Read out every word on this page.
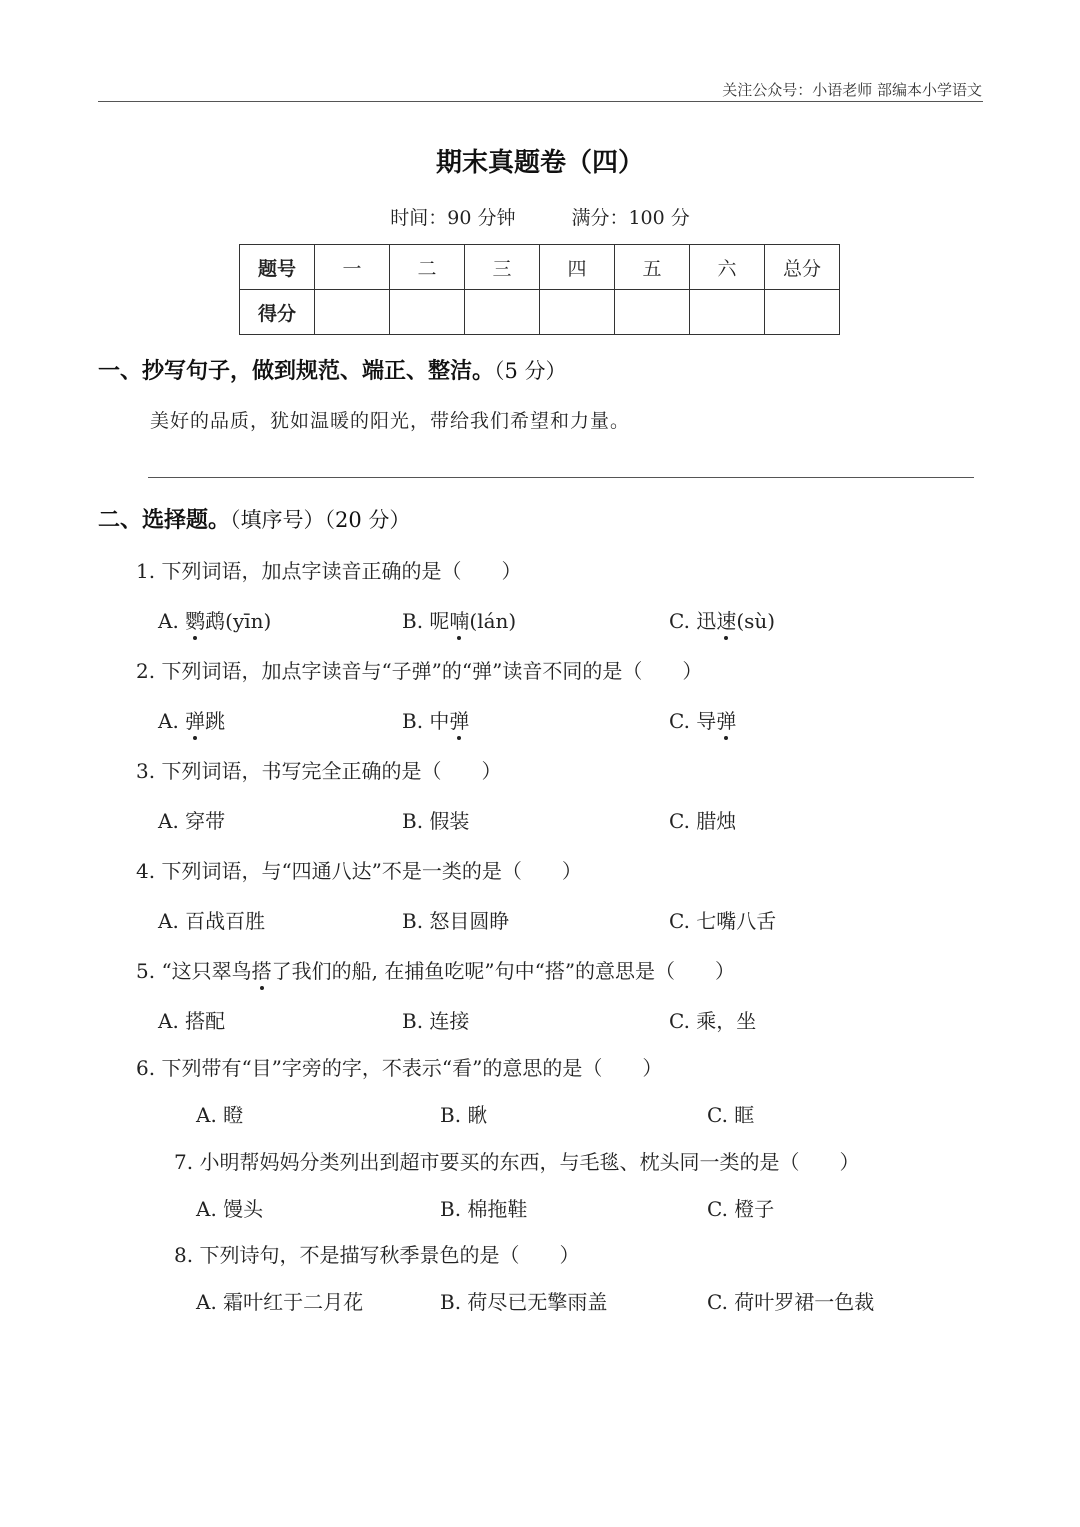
关注公众号：小语老师 部编本小学语文
期末真题卷（四）
时间：90 分钟	满分：100 分
题号	一	二	三	四	五	六	总分
得分							
一、抄写句子，做到规范、端正、整洁。（5 分）
美好的品质，犹如温暖的阳光，带给我们希望和力量。
二、选择题。（填序号）（20 分）
1. 下列词语，加点字读音正确的是（　　）
A. 鹦鹉(yīn)	B. 呢喃(lán)	C. 迅速(sù)
2. 下列词语，加点字读音与“子弹”的“弹”读音不同的是（　　）
A. 弹跳	B. 中弹	C. 导弹
3. 下列词语，书写完全正确的是（　　）
A. 穿带	B. 假装	C. 腊烛
4. 下列词语，与“四通八达”不是一类的是（　　）
A. 百战百胜	B. 怒目圆睁	C. 七嘴八舌
5. “这只翠鸟搭了我们的船, 在捕鱼吃呢”句中“搭”的意思是（　　）
A. 搭配	B. 连接	C. 乘，坐
6. 下列带有“目”字旁的字，不表示“看”的意思的是（　　）
A. 瞪	B. 瞅	C. 眶
7. 小明帮妈妈分类列出到超市要买的东西，与毛毯、枕头同一类的是（　　）
A. 馒头	B. 棉拖鞋	C. 橙子
8. 下列诗句，不是描写秋季景色的是（　　）
A. 霜叶红于二月花	B. 荷尽已无擎雨盖	C. 荷叶罗裙一色裁
